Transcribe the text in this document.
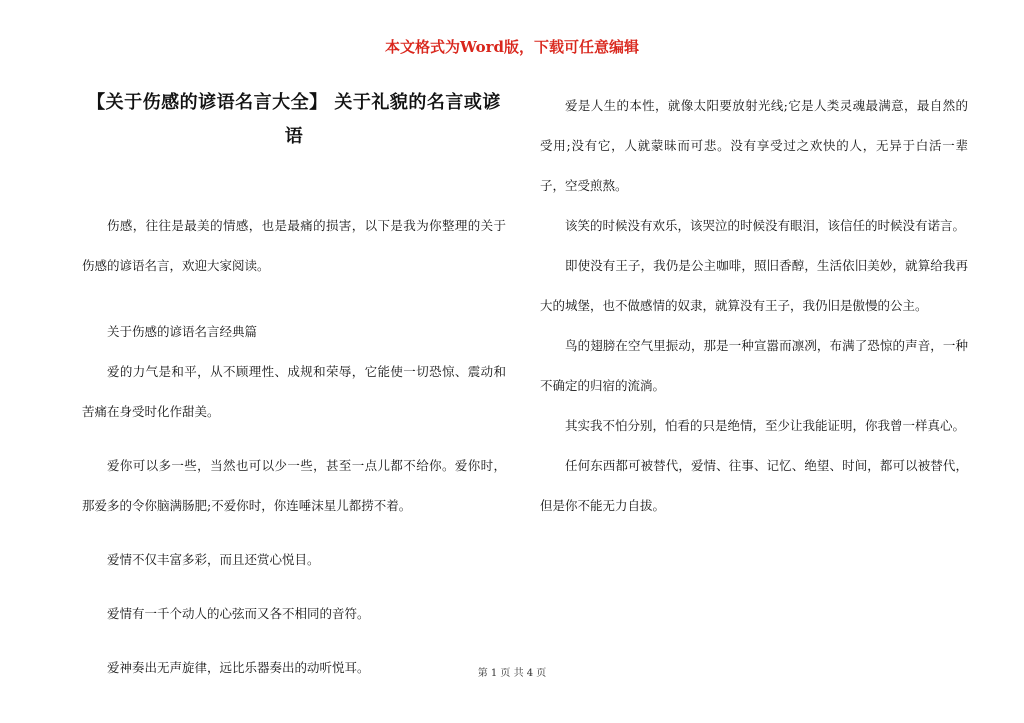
本文格式为Word版，下载可任意编辑
【关于伤感的谚语名言大全】 关于礼貌的名言或谚语

伤感，往往是最美的情感，也是最痛的损害，以下是我为你整理的关于伤感的谚语名言，欢迎大家阅读。

关于伤感的谚语名言经典篇

爱的力气是和平，从不顾理性、成规和荣辱，它能使一切恐惊、震动和苦痛在身受时化作甜美。

爱你可以多一些，当然也可以少一些，甚至一点儿都不给你。爱你时，那爱多的令你脑满肠肥;不爱你时，你连唾沫星儿都捞不着。

爱情不仅丰富多彩，而且还赏心悦目。

爱情有一千个动人的心弦而又各不相同的音符。

爱神奏出无声旋律，远比乐器奏出的动听悦耳。

爱是人生的本性，就像太阳要放射光线;它是人类灵魂最满意，最自然的受用;没有它，人就蒙昧而可悲。没有享受过之欢快的人，无异于白活一辈子，空受煎熬。

该笑的时候没有欢乐，该哭泣的时候没有眼泪，该信任的时候没有诺言。

即使没有王子，我仍是公主咖啡，照旧香醇，生活依旧美妙，就算给我再大的城堡，也不做感情的奴隶，就算没有王子，我仍旧是傲慢的公主。

鸟的翅膀在空气里振动，那是一种宣嚣而凛冽，布满了恐惊的声音，一种不确定的归宿的流淌。

其实我不怕分别，怕看的只是绝情，至少让我能证明，你我曾一样真心。

任何东西都可被替代，爱情、往事、记忆、绝望、时间，都可以被替代，但是你不能无力自拔。

第 1 页 共 4 页
